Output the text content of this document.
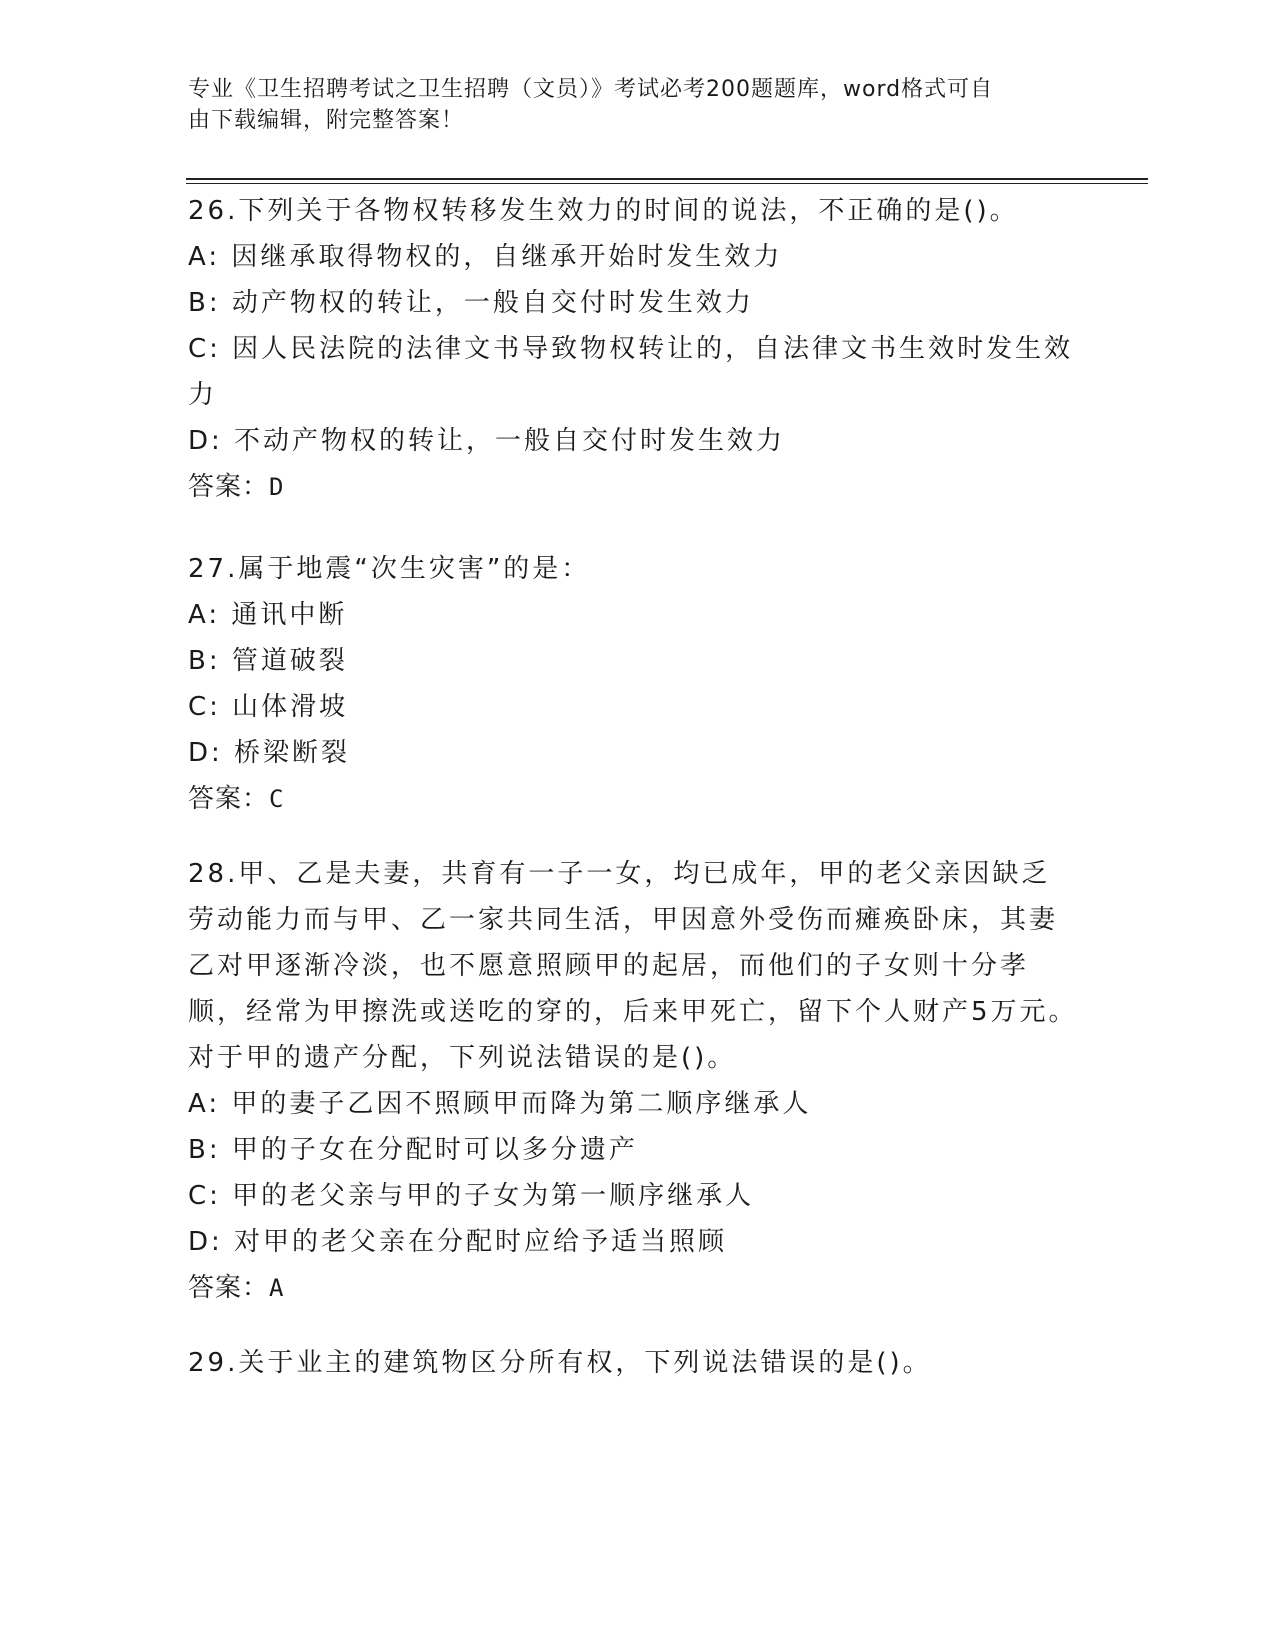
专业《卫生招聘考试之卫生招聘（文员）》考试必考200题题库，word格式可自
由下载编辑，附完整答案！

26.下列关于各物权转移发生效力的时间的说法，不正确的是()。

A: 因继承取得物权的，自继承开始时发生效力

B: 动产物权的转让，一般自交付时发生效力

C: 因人民法院的法律文书导致物权转让的，自法律文书生效时发生效力

D: 不动产物权的转让，一般自交付时发生效力

答案：D

27.属于地震“次生灾害”的是：

A: 通讯中断

B: 管道破裂

C: 山体滑坡

D: 桥梁断裂

答案：C

28.甲、乙是夫妻，共育有一子一女，均已成年，甲的老父亲因缺乏劳动能力而与甲、乙一家共同生活，甲因意外受伤而瘫痪卧床，其妻乙对甲逐渐冷淡，也不愿意照顾甲的起居，而他们的子女则十分孝顺，经常为甲擦洗或送吃的穿的，后来甲死亡，留下个人财产5万元。对于甲的遗产分配，下列说法错误的是()。

A: 甲的妻子乙因不照顾甲而降为第二顺序继承人

B: 甲的子女在分配时可以多分遗产

C: 甲的老父亲与甲的子女为第一顺序继承人

D: 对甲的老父亲在分配时应给予适当照顾

答案：A

29.关于业主的建筑物区分所有权，下列说法错误的是()。
